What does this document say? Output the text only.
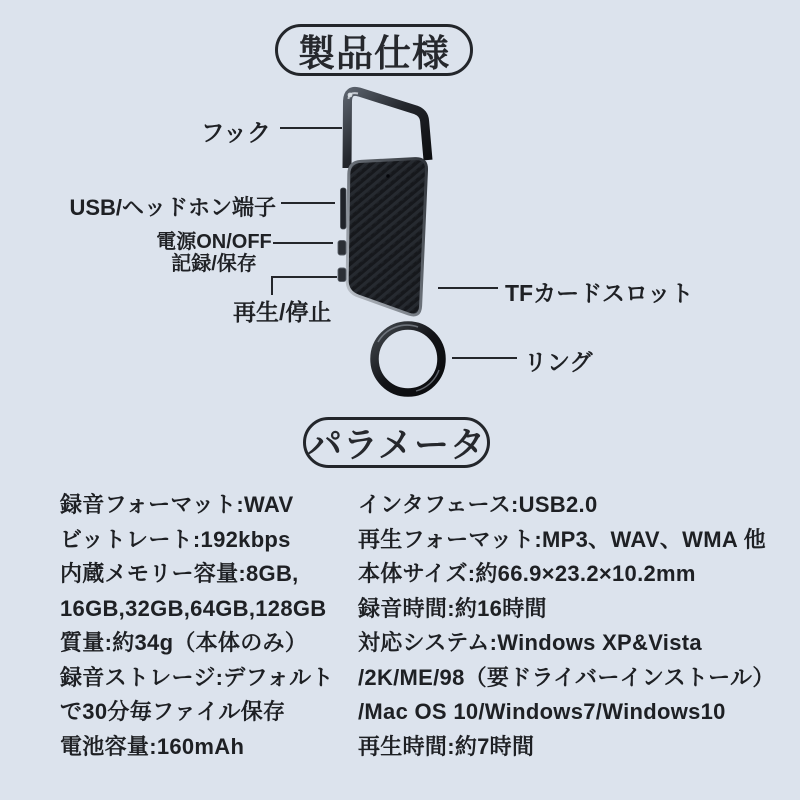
製品仕様
フック
USB/ヘッドホン端子
電源ON/OFF
記録/保存
再生/停止
TFカードスロット
リング
パラメータ
録音フォーマット:WAV
ビットレート:192kbps
内蔵メモリー容量:8GB,
16GB,32GB,64GB,128GB
質量:約34g（本体のみ）
録音ストレージ:デフォルト
で30分毎ファイル保存
電池容量:160mAh
インタフェース:USB2.0
再生フォーマット:MP3、WAV、WMA 他
本体サイズ:約66.9×23.2×10.2mm
録音時間:約16時間
対応システム:Windows XP&Vista
/2K/ME/98（要ドライバーインストール）
/Mac OS 10/Windows7/Windows10
再生時間:約7時間
